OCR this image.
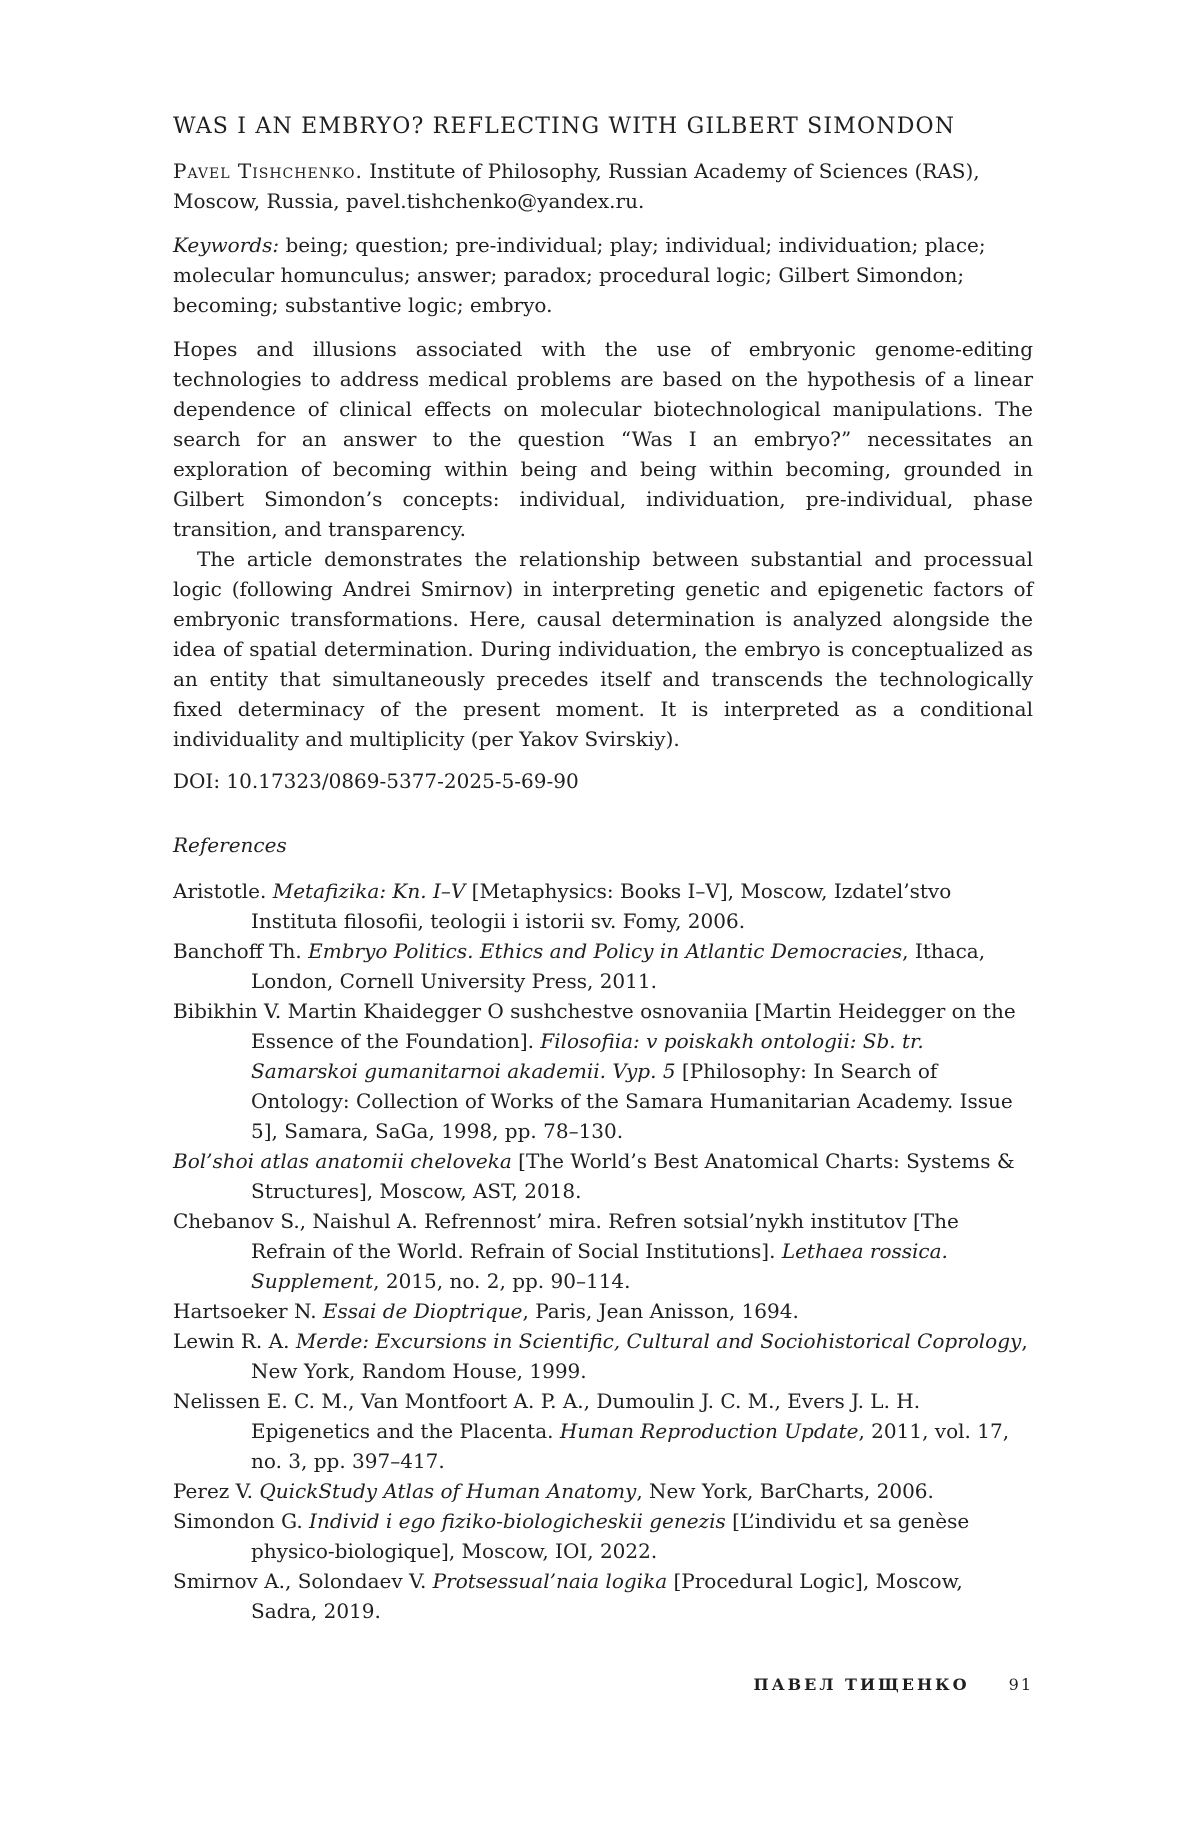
WAS I AN EMBRYO? REFLECTING WITH GILBERT SIMONDON
Pavel Tishchenko. Institute of Philosophy, Russian Academy of Sciences (RAS), Moscow, Russia, pavel.tishchenko@yandex.ru.
Keywords: being; question; pre-individual; play; individual; individuation; place; molecular homunculus; answer; paradox; procedural logic; Gilbert Simondon; becoming; substantive logic; embryo.

Hopes and illusions associated with the use of embryonic genome-editing technologies to address medical problems are based on the hypothesis of a linear dependence of clinical effects on molecular biotechnological manipulations. The search for an answer to the question “Was I an embryo?” necessitates an exploration of becoming within being and being within becoming, grounded in Gilbert Simondon’s concepts: individual, individuation, pre-individual, phase transition, and transparency.

The article demonstrates the relationship between substantial and processual logic (following Andrei Smirnov) in interpreting genetic and epigenetic factors of embryonic transformations. Here, causal determination is analyzed alongside the idea of spatial determination. During individuation, the embryo is conceptualized as an entity that simultaneously precedes itself and transcends the technologically fixed determinacy of the present moment. It is interpreted as a conditional individuality and multiplicity (per Yakov Svirskiy).

DOI: 10.17323/0869-5377-2025-5-69-90
References
Aristotle. Metafizika: Kn. I–V [Metaphysics: Books I–V], Moscow, Izdatel’stvo Instituta filosofii, teologii i istorii sv. Fomy, 2006.
Banchoff Th. Embryo Politics. Ethics and Policy in Atlantic Democracies, Ithaca, London, Cornell University Press, 2011.
Bibikhin V. Martin Khaidegger O sushchestve osnovaniia [Martin Heidegger on the Essence of the Foundation]. Filosofiia: v poiskakh ontologii: Sb. tr. Samarskoi gumanitarnoi akademii. Vyp. 5 [Philosophy: In Search of Ontology: Collection of Works of the Samara Humanitarian Academy. Issue 5], Samara, SaGa, 1998, pp. 78–130.
Bol’shoi atlas anatomii cheloveka [The World’s Best Anatomical Charts: Systems & Structures], Moscow, AST, 2018.
Chebanov S., Naishul A. Refrennost’ mira. Refren sotsial’nykh institutov [The Refrain of the World. Refrain of Social Institutions]. Lethaea rossica. Supplement, 2015, no. 2, pp. 90–114.
Hartsoeker N. Essai de Dioptrique, Paris, Jean Anisson, 1694.
Lewin R. A. Merde: Excursions in Scientific, Cultural and Sociohistorical Coprology, New York, Random House, 1999.
Nelissen E. C. M., Van Montfoort A. P. A., Dumoulin J. C. M., Evers J. L. H. Epigenetics and the Placenta. Human Reproduction Update, 2011, vol. 17, no. 3, pp. 397–417.
Perez V. QuickStudy Atlas of Human Anatomy, New York, BarCharts, 2006.
Simondon G. Individ i ego fiziko-biologicheskii genezis [L’individu et sa genèse physico-biologique], Moscow, IOI, 2022.
Smirnov A., Solondaev V. Protsessual’naia logika [Procedural Logic], Moscow, Sadra, 2019.
ПАВЕЛ ТИЩЕНКО 91
